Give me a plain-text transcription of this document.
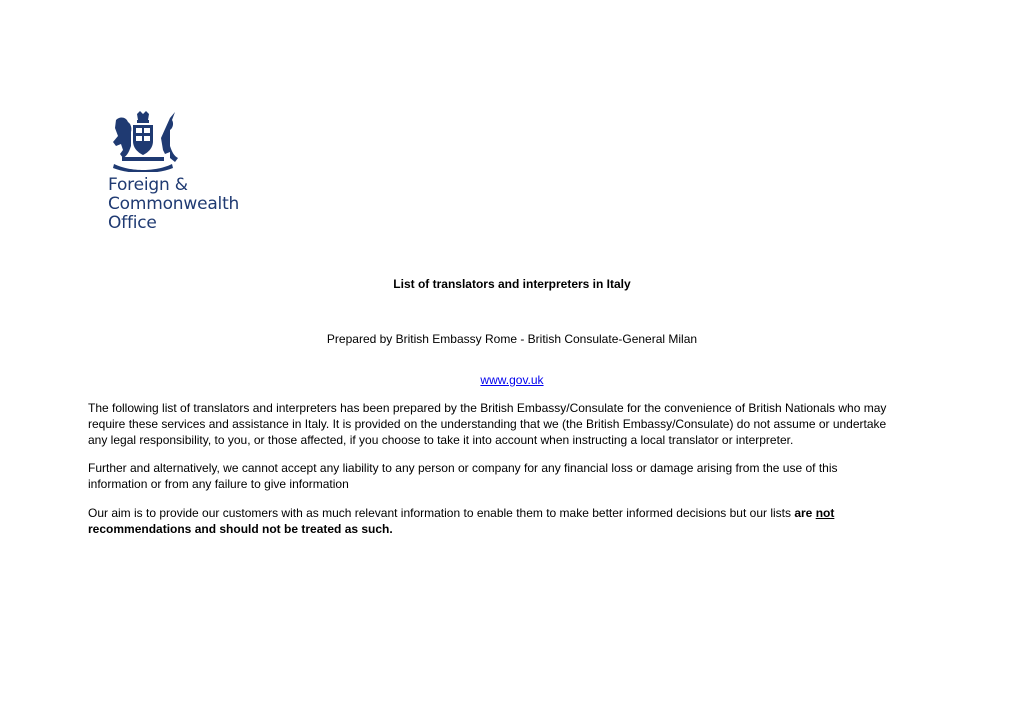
Foreign &
Commonwealth
Office
List of translators and interpreters in Italy
Prepared by British Embassy Rome - British Consulate-General Milan
www.gov.uk

The following list of translators and interpreters has been prepared by the British Embassy/Consulate for the convenience of British Nationals who may require these services and assistance in Italy. It is provided on the understanding that we (the British Embassy/Consulate) do not assume or undertake any legal responsibility, to you, or those affected, if you choose to take it into account when instructing a local translator or interpreter.

Further and alternatively, we cannot accept any liability to any person or company for any financial loss or damage arising from the use of this information or from any failure to give information

Our aim is to provide our customers with as much relevant information to enable them to make better informed decisions but our lists are not recommendations and should not be treated as such.
